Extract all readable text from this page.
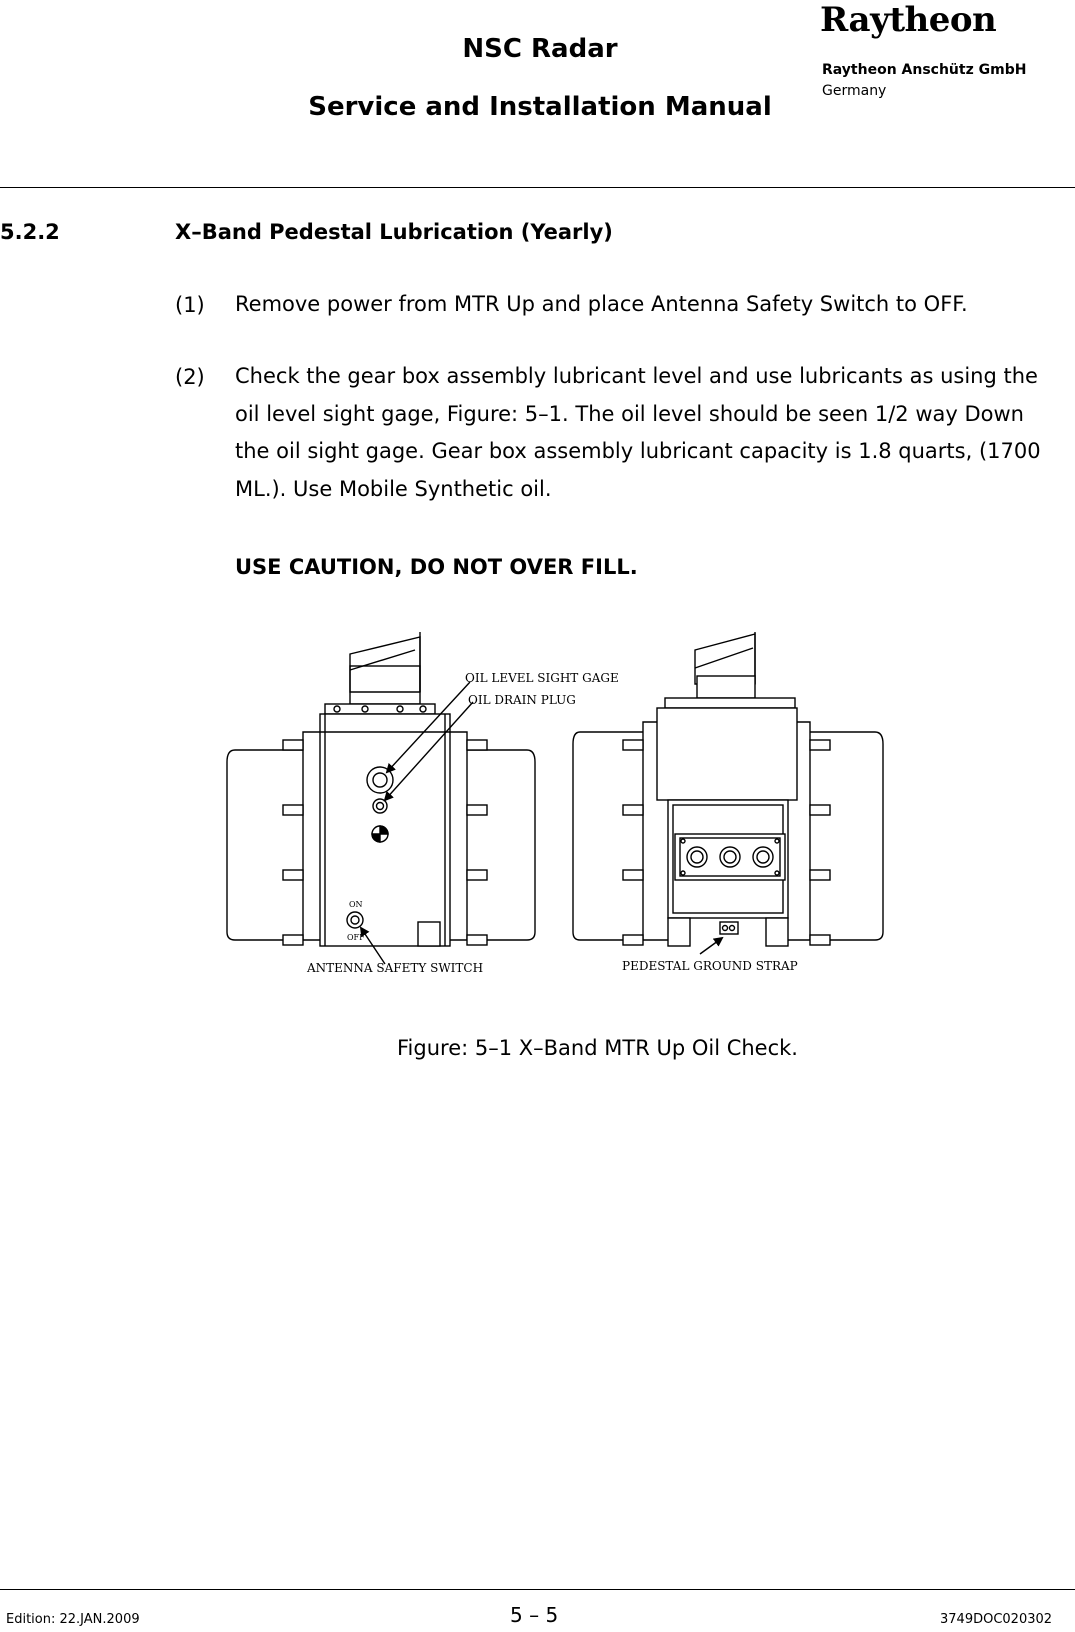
NSC Radar
Service and Installation Manual
Raytheon
Raytheon Anschütz GmbH
Germany
5.2.2	X–Band Pedestal Lubrication (Yearly)
(1) Remove power from MTR Up and place Antenna Safety Switch to OFF.
(2) Check the gear box assembly lubricant level and use lubricants as using the oil level sight gage, Figure: 5–1. The oil level should be seen 1/2 way Down the oil sight gage. Gear box assembly lubricant capacity is 1.8 quarts, (1700 ML.). Use Mobile Synthetic oil.
USE CAUTION, DO NOT OVER FILL.
ON
OFF
OIL LEVEL SIGHT GAGE
OIL DRAIN PLUG
ANTENNA SAFETY SWITCH	PEDESTAL GROUND STRAP
Figure: 5–1 X–Band MTR Up Oil Check.
Edition: 22.JAN.2009	5 – 5	3749DOC020302
